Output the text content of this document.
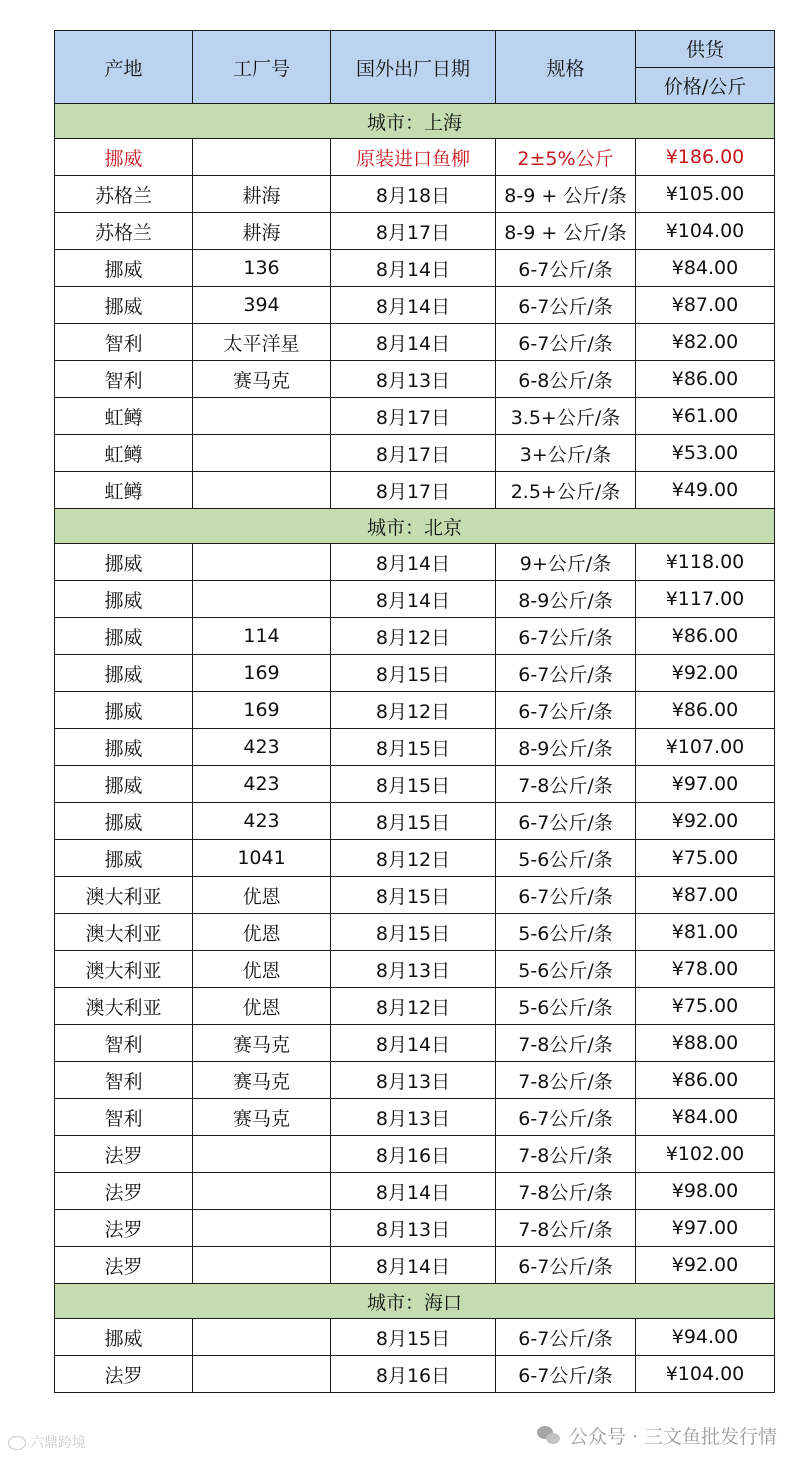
产地	工厂号	国外出厂日期	规格	供货
				价格/公斤
城市：上海				
挪威		原装进口鱼柳	2±5%公斤	¥186.00
苏格兰	耕海	8月18日	8-9 + 公斤/条	¥105.00
苏格兰	耕海	8月17日	8-9 + 公斤/条	¥104.00
挪威	136	8月14日	6-7公斤/条	¥84.00
挪威	394	8月14日	6-7公斤/条	¥87.00
智利	太平洋星	8月14日	6-7公斤/条	¥82.00
智利	赛马克	8月13日	6-8公斤/条	¥86.00
虹鳟		8月17日	3.5+公斤/条	¥61.00
虹鳟		8月17日	3+公斤/条	¥53.00
虹鳟		8月17日	2.5+公斤/条	¥49.00
城市：北京				
挪威		8月14日	9+公斤/条	¥118.00
挪威		8月14日	8-9公斤/条	¥117.00
挪威	114	8月12日	6-7公斤/条	¥86.00
挪威	169	8月15日	6-7公斤/条	¥92.00
挪威	169	8月12日	6-7公斤/条	¥86.00
挪威	423	8月15日	8-9公斤/条	¥107.00
挪威	423	8月15日	7-8公斤/条	¥97.00
挪威	423	8月15日	6-7公斤/条	¥92.00
挪威	1041	8月12日	5-6公斤/条	¥75.00
澳大利亚	优恩	8月15日	6-7公斤/条	¥87.00
澳大利亚	优恩	8月15日	5-6公斤/条	¥81.00
澳大利亚	优恩	8月13日	5-6公斤/条	¥78.00
澳大利亚	优恩	8月12日	5-6公斤/条	¥75.00
智利	赛马克	8月14日	7-8公斤/条	¥88.00
智利	赛马克	8月13日	7-8公斤/条	¥86.00
智利	赛马克	8月13日	6-7公斤/条	¥84.00
法罗		8月16日	7-8公斤/条	¥102.00
法罗		8月14日	7-8公斤/条	¥98.00
法罗		8月13日	7-8公斤/条	¥97.00
法罗		8月14日	6-7公斤/条	¥92.00
城市：海口				
挪威		8月15日	6-7公斤/条	¥94.00
法罗		8月16日	6-7公斤/条	¥104.00
六鼎跨境	公众号 · 三文鱼批发行情
